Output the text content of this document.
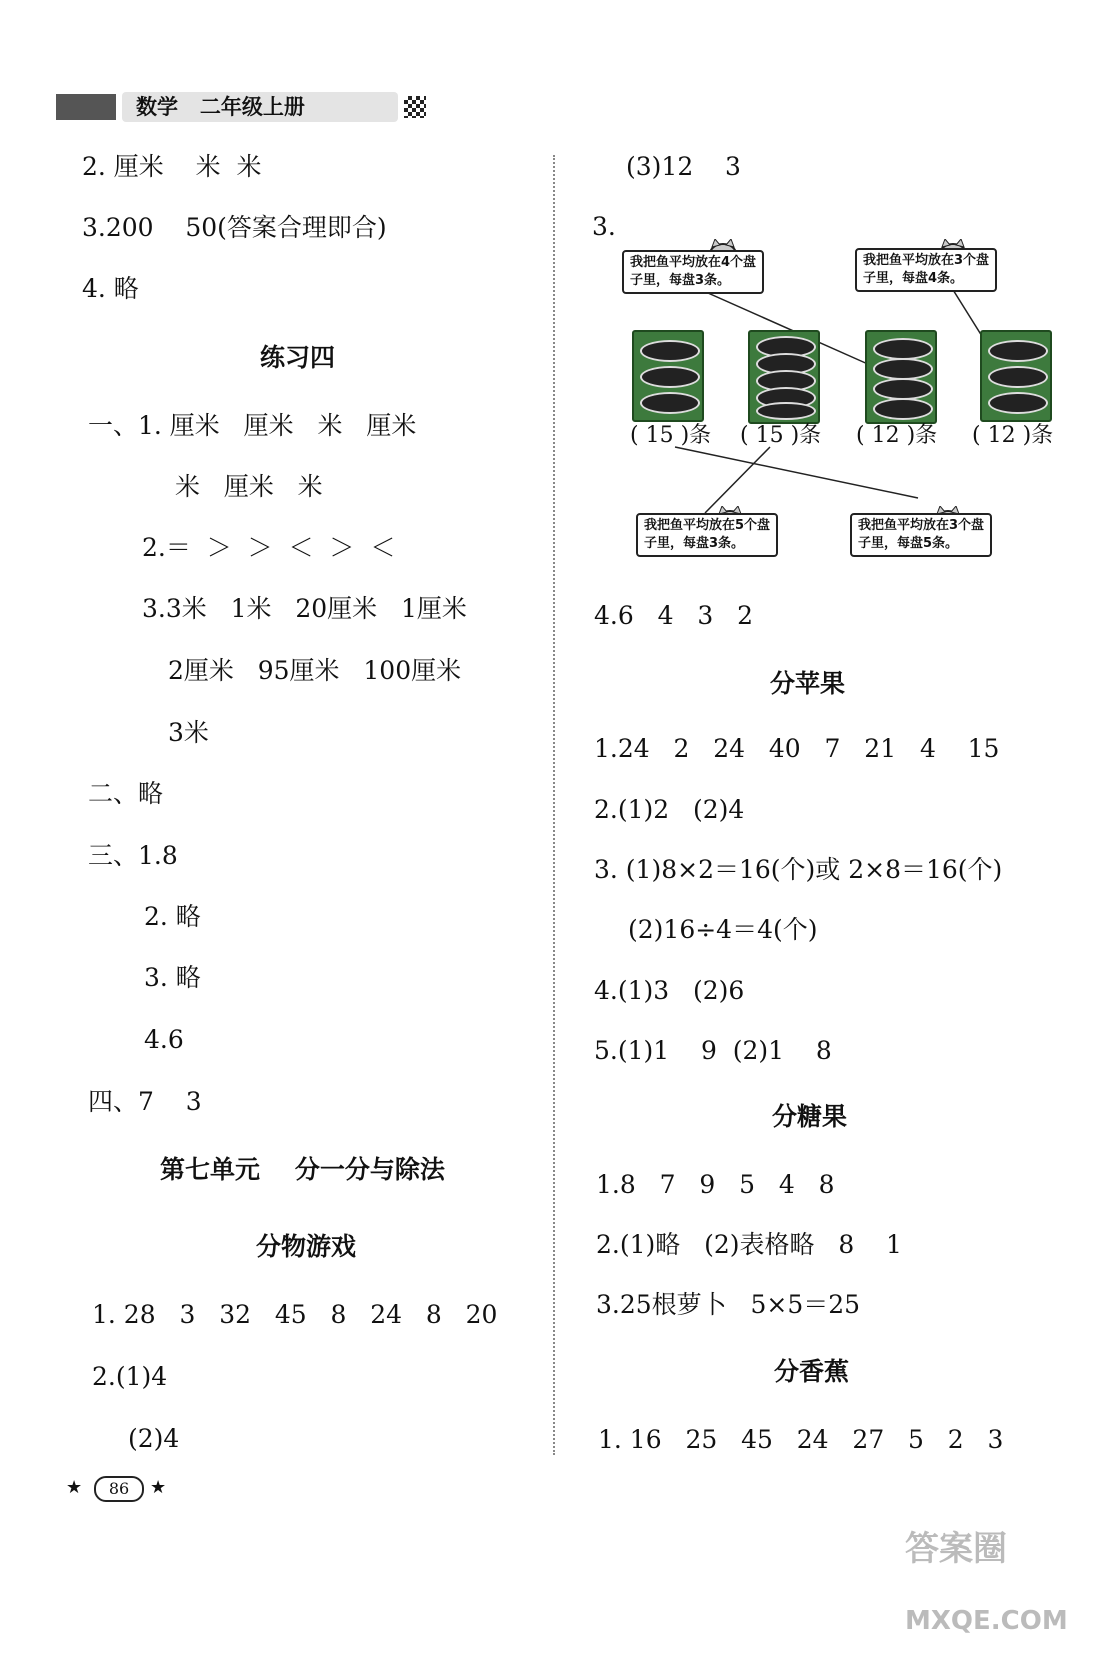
数学   二年级上册

2. 厘米    米  米
3.200    50(答案合理即合)
4. 略
练习四
一、1. 厘米   厘米   米   厘米
米   厘米   米
2.＝  ＞  ＞  ＜  ＞  ＜
3.3米   1米   20厘米   1厘米
2厘米   95厘米   100厘米
3米
二、略
三、1.8
2. 略
3. 略
4.6
四、7    3
第七单元    分一分与除法
分物游戏
1. 28   3   32   45   8   24   8   20
2.(1)4
(2)4
(3)12    3
3.

我把鱼平均放在4个盘
子里，每盘3条。

我把鱼平均放在3个盘
子里，每盘4条。

( 15 )条

( 15 )条

( 12 )条

( 12 )条

我把鱼平均放在5个盘
子里，每盘3条。

我把鱼平均放在3个盘
子里，每盘5条。

4.6   4   3   2
分苹果
1.24   2   24   40   7   21   4    15
2.(1)2   (2)4
3. (1)8×2＝16(个)或 2×8＝16(个)
(2)16÷4＝4(个)
4.(1)3   (2)6
5.(1)1    9  (2)1    8
分糖果
1.8   7   9   5   4   8
2.(1)略   (2)表格略   8    1
3.25根萝卜   5×5＝25
分香蕉
1. 16   25   45   24   27   5   2   3

★

	86

	★

答案圈

MXQE.COM
